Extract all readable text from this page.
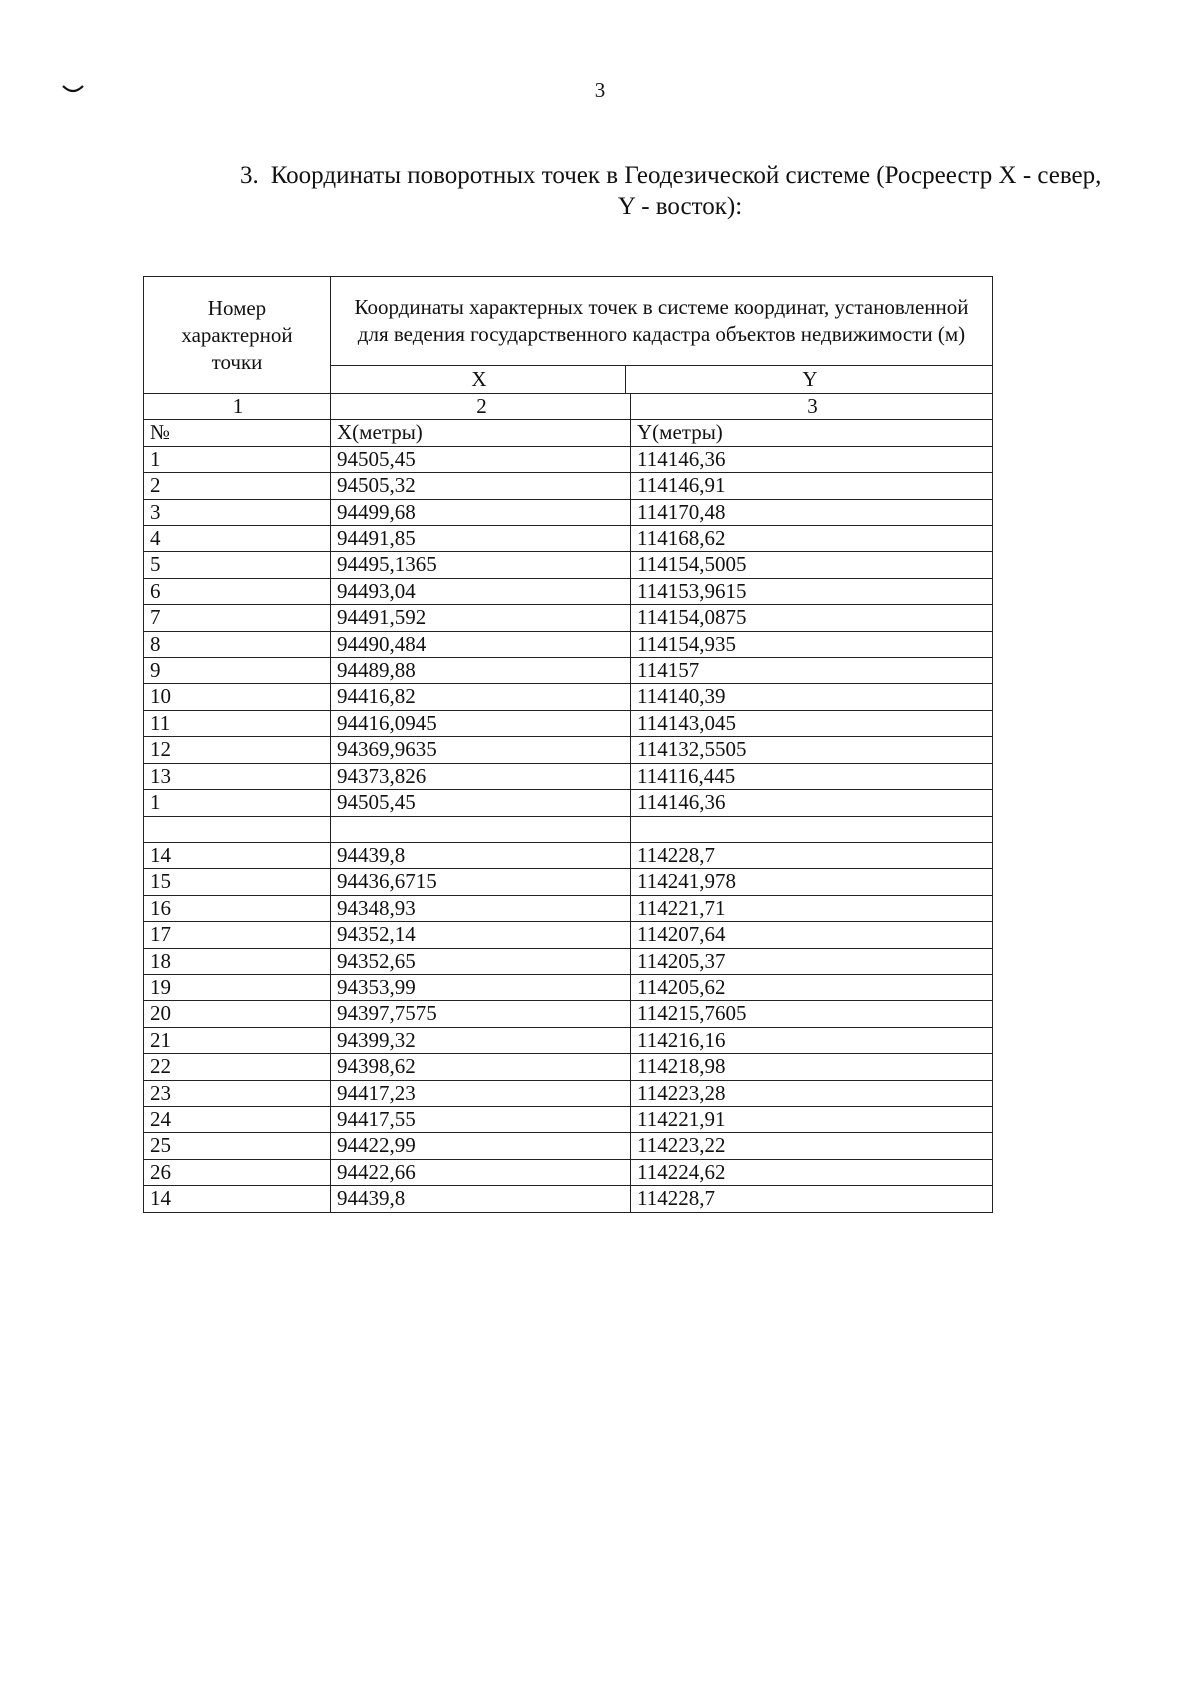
3
3. Координаты поворотных точек в Геодезической системе (Росреестр X - север,
Y - восток):
Номер характерной точки	Координаты характерных точек в системе координат, установленной для ведения государственного кадастра объектов недвижимости (м)		
	X	Y	
1	2		3
№	X(метры)		Y(метры)
1	94505,45		114146,36
2	94505,32		114146,91
3	94499,68		114170,48
4	94491,85		114168,62
5	94495,1365		114154,5005
6	94493,04		114153,9615
7	94491,592		114154,0875
8	94490,484		114154,935
9	94489,88		114157
10	94416,82		114140,39
11	94416,0945		114143,045
12	94369,9635		114132,5505
13	94373,826		114116,445
1	94505,45		114146,36

14	94439,8		114228,7
15	94436,6715		114241,978
16	94348,93		114221,71
17	94352,14		114207,64
18	94352,65		114205,37
19	94353,99		114205,62
20	94397,7575		114215,7605
21	94399,32		114216,16
22	94398,62		114218,98
23	94417,23		114223,28
24	94417,55		114221,91
25	94422,99		114223,22
26	94422,66		114224,62
14	94439,8		114228,7
